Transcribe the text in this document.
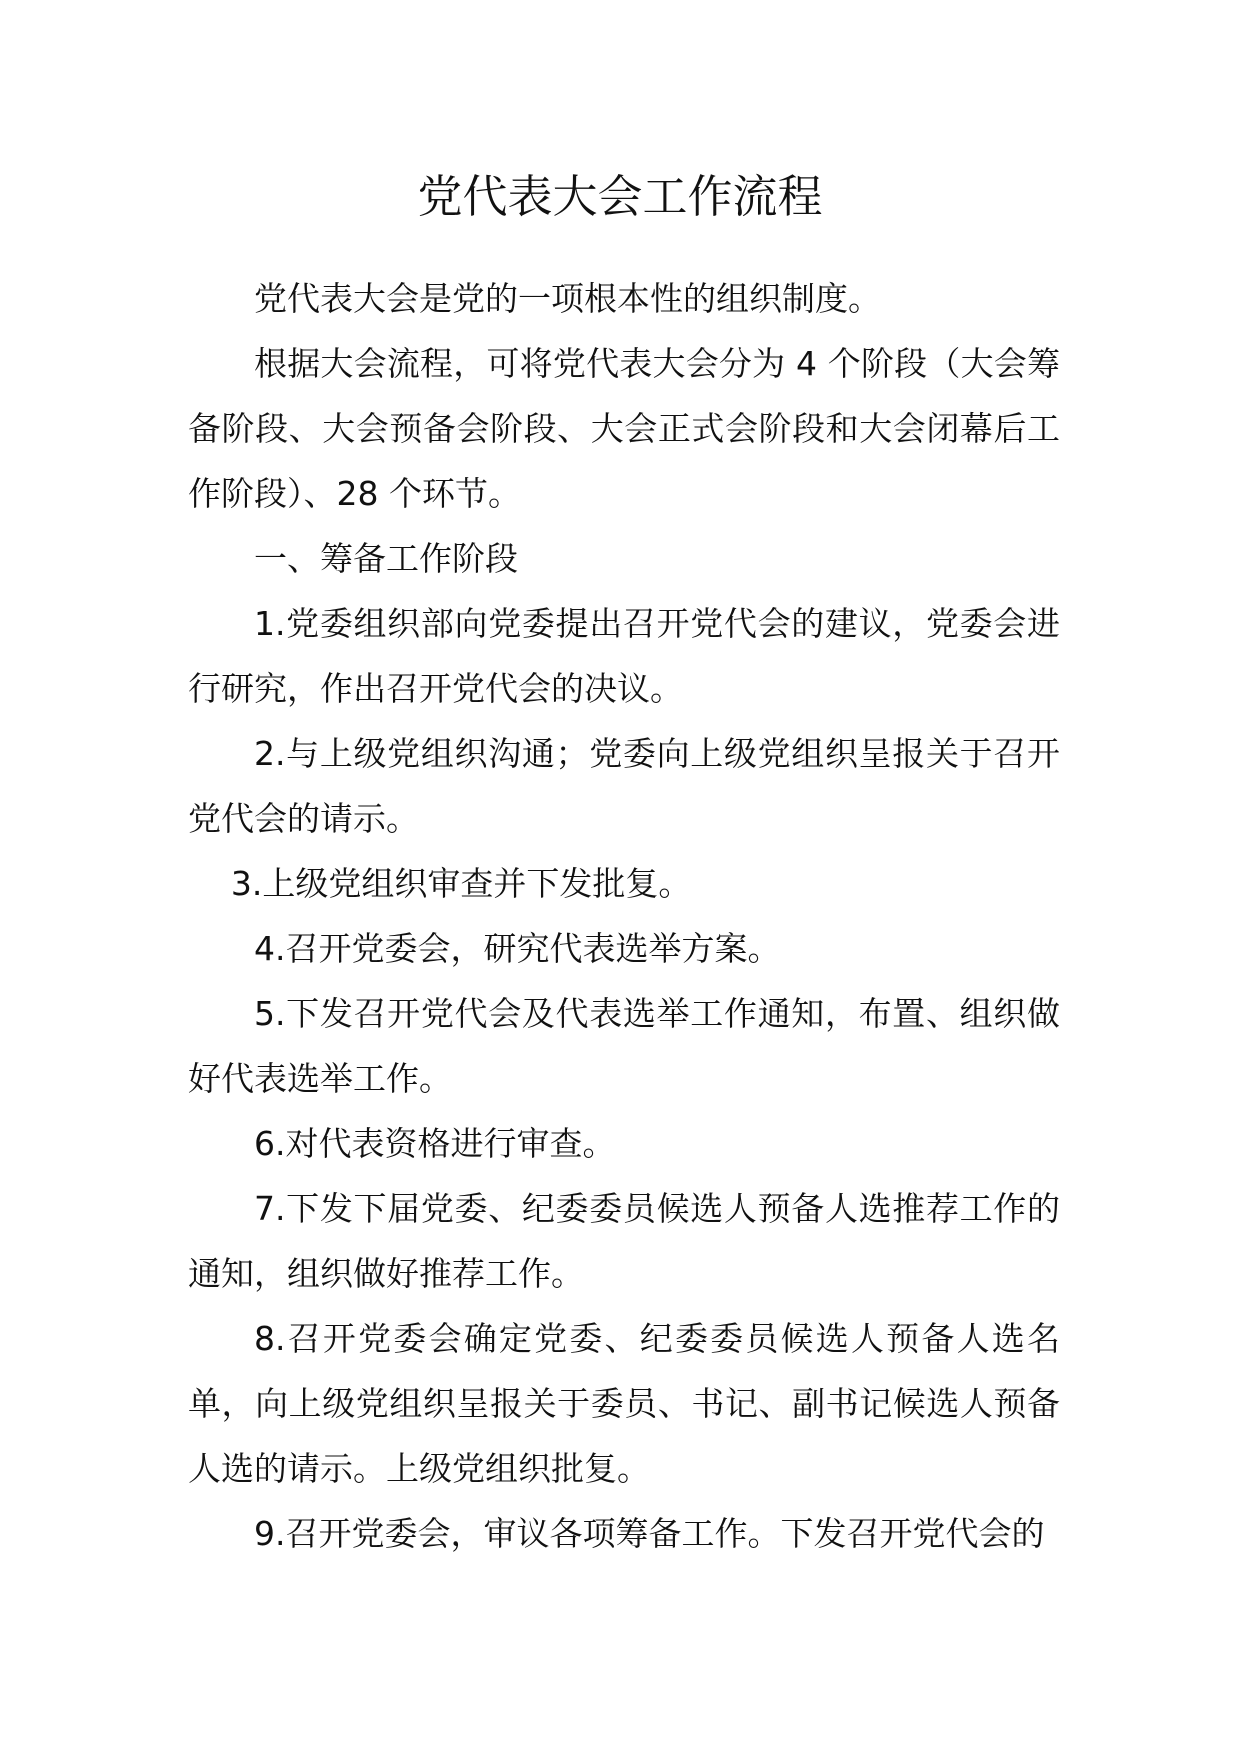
党代表大会工作流程

党代表大会是党的一项根本性的组织制度。

根据大会流程，可将党代表大会分为 4 个阶段（大会筹备阶段、大会预备会阶段、大会正式会阶段和大会闭幕后工作阶段）、28 个环节。

一、筹备工作阶段

1.党委组织部向党委提出召开党代会的建议，党委会进行研究，作出召开党代会的决议。

2.与上级党组织沟通；党委向上级党组织呈报关于召开党代会的请示。

3.上级党组织审查并下发批复。

4.召开党委会，研究代表选举方案。

5.下发召开党代会及代表选举工作通知，布置、组织做好代表选举工作。

6.对代表资格进行审查。

7.下发下届党委、纪委委员候选人预备人选推荐工作的通知，组织做好推荐工作。

8.召开党委会确定党委、纪委委员候选人预备人选名单，向上级党组织呈报关于委员、书记、副书记候选人预备人选的请示。上级党组织批复。

9.召开党委会，审议各项筹备工作。下发召开党代会的
